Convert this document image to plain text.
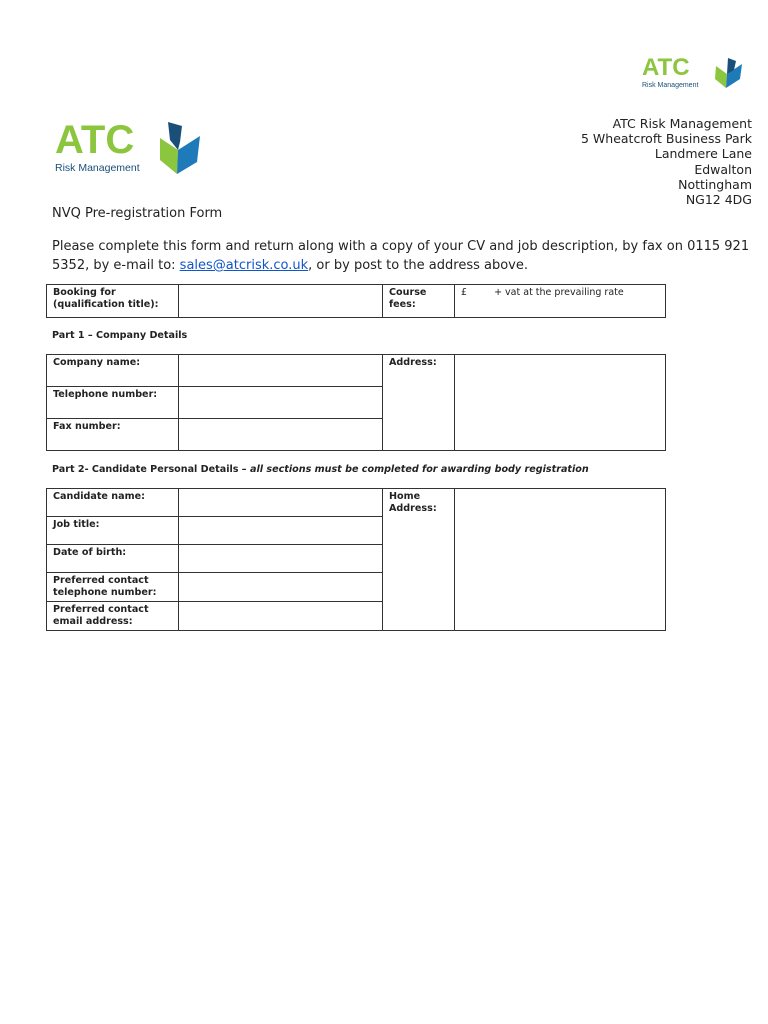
ATC
Risk Management
ATC
Risk Management
ATC Risk Management
5 Wheatcroft Business Park
Landmere Lane
Edwalton
Nottingham
NG12 4DG
NVQ Pre-registration Form
Please complete this form and return along with a copy of your CV and job description, by fax on 0115 921 5352, by e-mail to: sales@atcrisk.co.uk, or by post to the address above.
Booking for (qualification title):		Course fees:	£	+ vat at the prevailing rate
Part 1 – Company Details
Company name:		Address:	
Telephone number:			
Fax number:			
Part 2- Candidate Personal Details – all sections must be completed for awarding body registration
Candidate name:		Home Address:	
Job title:			
Date of birth:			
Preferred contact telephone number:			
Preferred contact email address:			
